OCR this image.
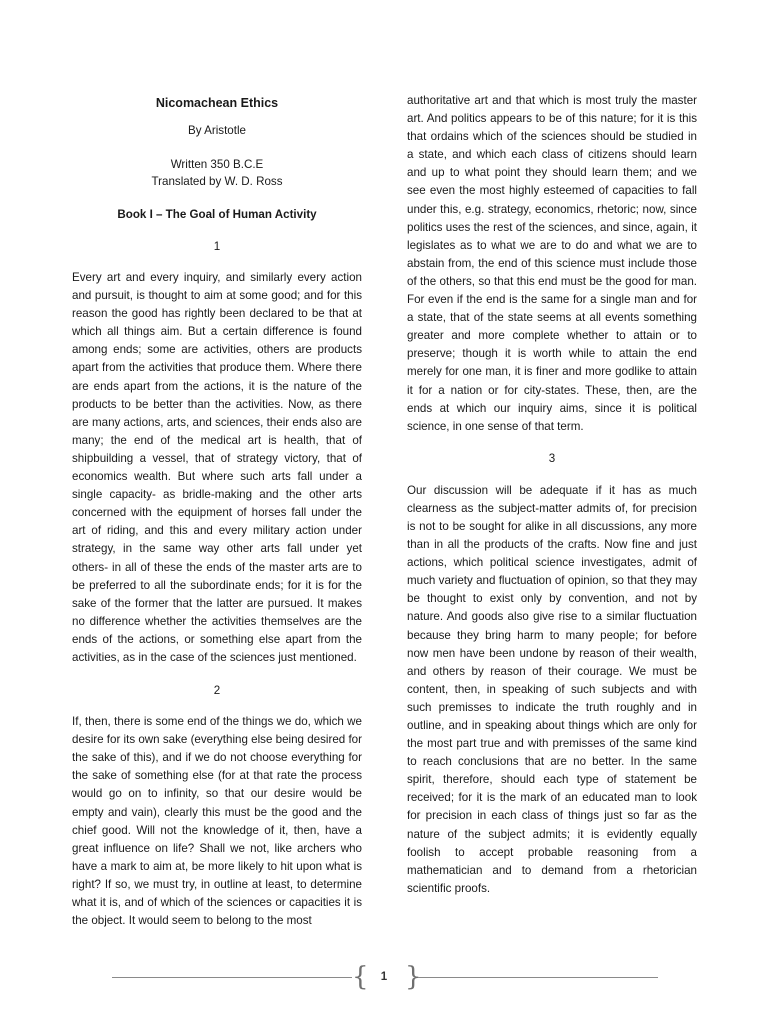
Nicomachean Ethics
By Aristotle
Written 350 B.C.E
Translated by W. D. Ross
Book I – The Goal of Human Activity
1

Every art and every inquiry, and similarly every action and pursuit, is thought to aim at some good; and for this reason the good has rightly been declared to be that at which all things aim. But a certain difference is found among ends; some are activities, others are products apart from the activities that produce them. Where there are ends apart from the actions, it is the nature of the products to be better than the activities. Now, as there are many actions, arts, and sciences, their ends also are many; the end of the medical art is health, that of shipbuilding a vessel, that of strategy victory, that of economics wealth. But where such arts fall under a single capacity- as bridle-making and the other arts concerned with the equipment of horses fall under the art of riding, and this and every military action under strategy, in the same way other arts fall under yet others- in all of these the ends of the master arts are to be preferred to all the subordinate ends; for it is for the sake of the former that the latter are pursued. It makes no difference whether the activities themselves are the ends of the actions, or something else apart from the activities, as in the case of the sciences just mentioned.

2

If, then, there is some end of the things we do, which we desire for its own sake (everything else being desired for the sake of this), and if we do not choose everything for the sake of something else (for at that rate the process would go on to infinity, so that our desire would be empty and vain), clearly this must be the good and the chief good. Will not the knowledge of it, then, have a great influence on life? Shall we not, like archers who have a mark to aim at, be more likely to hit upon what is right? If so, we must try, in outline at least, to determine what it is, and of which of the sciences or capacities it is the object. It would seem to belong to the most

authoritative art and that which is most truly the master art. And politics appears to be of this nature; for it is this that ordains which of the sciences should be studied in a state, and which each class of citizens should learn and up to what point they should learn them; and we see even the most highly esteemed of capacities to fall under this, e.g. strategy, economics, rhetoric; now, since politics uses the rest of the sciences, and since, again, it legislates as to what we are to do and what we are to abstain from, the end of this science must include those of the others, so that this end must be the good for man. For even if the end is the same for a single man and for a state, that of the state seems at all events something greater and more complete whether to attain or to preserve; though it is worth while to attain the end merely for one man, it is finer and more godlike to attain it for a nation or for city-states. These, then, are the ends at which our inquiry aims, since it is political science, in one sense of that term.

3

Our discussion will be adequate if it has as much clearness as the subject-matter admits of, for precision is not to be sought for alike in all discussions, any more than in all the products of the crafts. Now fine and just actions, which political science investigates, admit of much variety and fluctuation of opinion, so that they may be thought to exist only by convention, and not by nature. And goods also give rise to a similar fluctuation because they bring harm to many people; for before now men have been undone by reason of their wealth, and others by reason of their courage. We must be content, then, in speaking of such subjects and with such premisses to indicate the truth roughly and in outline, and in speaking about things which are only for the most part true and with premisses of the same kind to reach conclusions that are no better. In the same spirit, therefore, should each type of statement be received; for it is the mark of an educated man to look for precision in each class of things just so far as the nature of the subject admits; it is evidently equally foolish to accept probable reasoning from a mathematician and to demand from a rhetorician scientific proofs.

{	1 }
